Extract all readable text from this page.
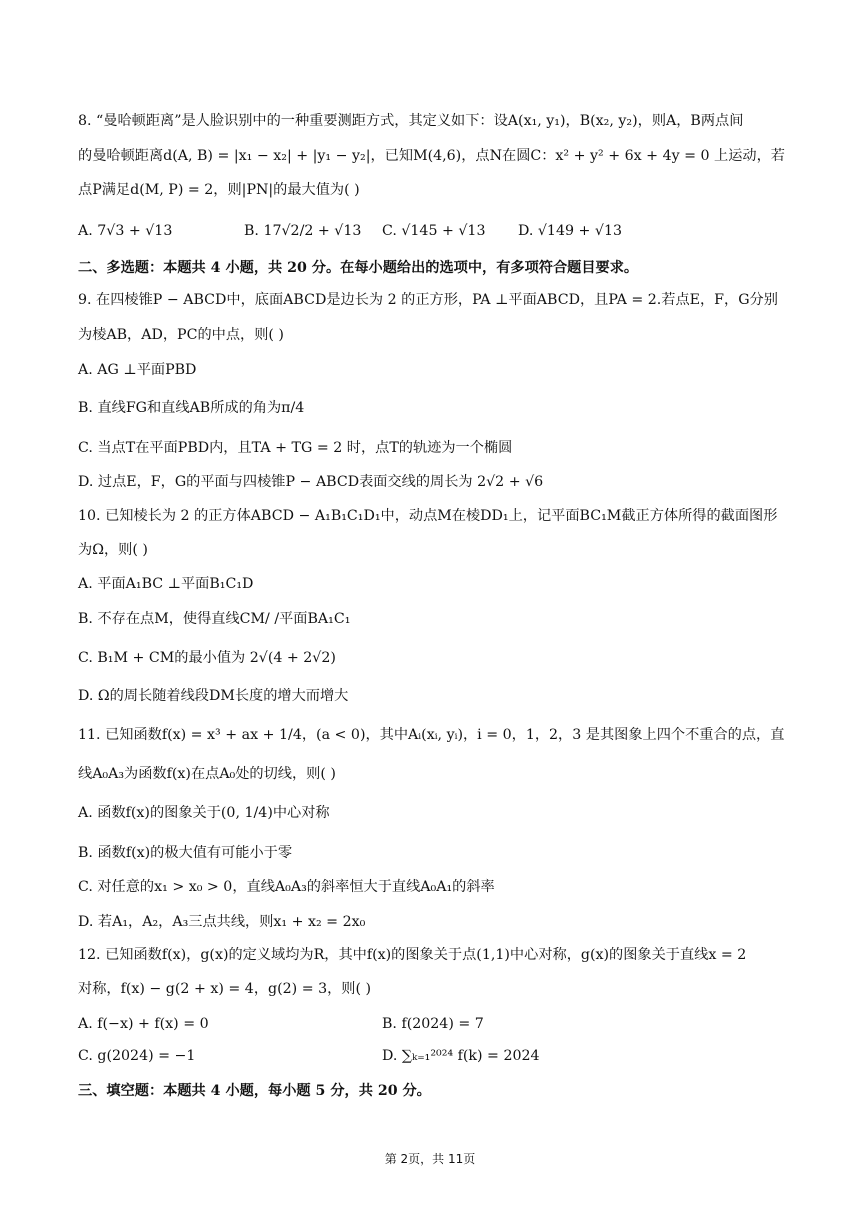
8. “曼哈顿距离”是人脸识别中的一种重要测距方式，其定义如下：设A(x₁, y₁)，B(x₂, y₂)，则A，B两点间
的曼哈顿距离d(A, B) = |x₁ − x₂| + |y₁ − y₂|，已知M(4,6)，点N在圆C：x² + y² + 6x + 4y = 0 上运动，若
点P满足d(M, P) = 2，则|PN|的最大值为( )
A. 7√3 + √13	B. 17√2/2 + √13 C. √145 + √13 D. √149 + √13
二、多选题：本题共 4 小题，共 20 分。在每小题给出的选项中，有多项符合题目要求。
9. 在四棱锥P − ABCD中，底面ABCD是边长为 2 的正方形，PA ⊥平面ABCD，且PA = 2.若点E，F，G分别
为棱AB，AD，PC的中点，则( )
A. AG ⊥平面PBD
B. 直线FG和直线AB所成的角为π/4
C. 当点T在平面PBD内，且TA + TG = 2 时，点T的轨迹为一个椭圆
D. 过点E，F，G的平面与四棱锥P − ABCD表面交线的周长为 2√2 + √6
10. 已知棱长为 2 的正方体ABCD − A₁B₁C₁D₁中，动点M在棱DD₁上，记平面BC₁M截正方体所得的截面图形
为Ω，则( )
A. 平面A₁BC ⊥平面B₁C₁D
B. 不存在点M，使得直线CM/ /平面BA₁C₁
C. B₁M + CM的最小值为 2√(4 + 2√2)
D. Ω的周长随着线段DM长度的增大而增大
11. 已知函数f(x) = x³ + ax + 1/4，(a < 0)，其中Aᵢ(xᵢ, yᵢ)，i = 0，1，2，3 是其图象上四个不重合的点，直
线A₀A₃为函数f(x)在点A₀处的切线，则( )
A. 函数f(x)的图象关于(0, 1/4)中心对称
B. 函数f(x)的极大值有可能小于零
C. 对任意的x₁ > x₀ > 0，直线A₀A₃的斜率恒大于直线A₀A₁的斜率
D. 若A₁，A₂，A₃三点共线，则x₁ + x₂ = 2x₀
12. 已知函数f(x)，g(x)的定义域均为R，其中f(x)的图象关于点(1,1)中心对称，g(x)的图象关于直线x = 2
对称，f(x) − g(2 + x) = 4，g(2) = 3，则( )
A. f(−x) + f(x) = 0	B. f(2024) = 7
C. g(2024) = −1	D. ∑ₖ₌₁²⁰²⁴ f(k) = 2024
三、填空题：本题共 4 小题，每小题 5 分，共 20 分。
第 2页，共 11页
